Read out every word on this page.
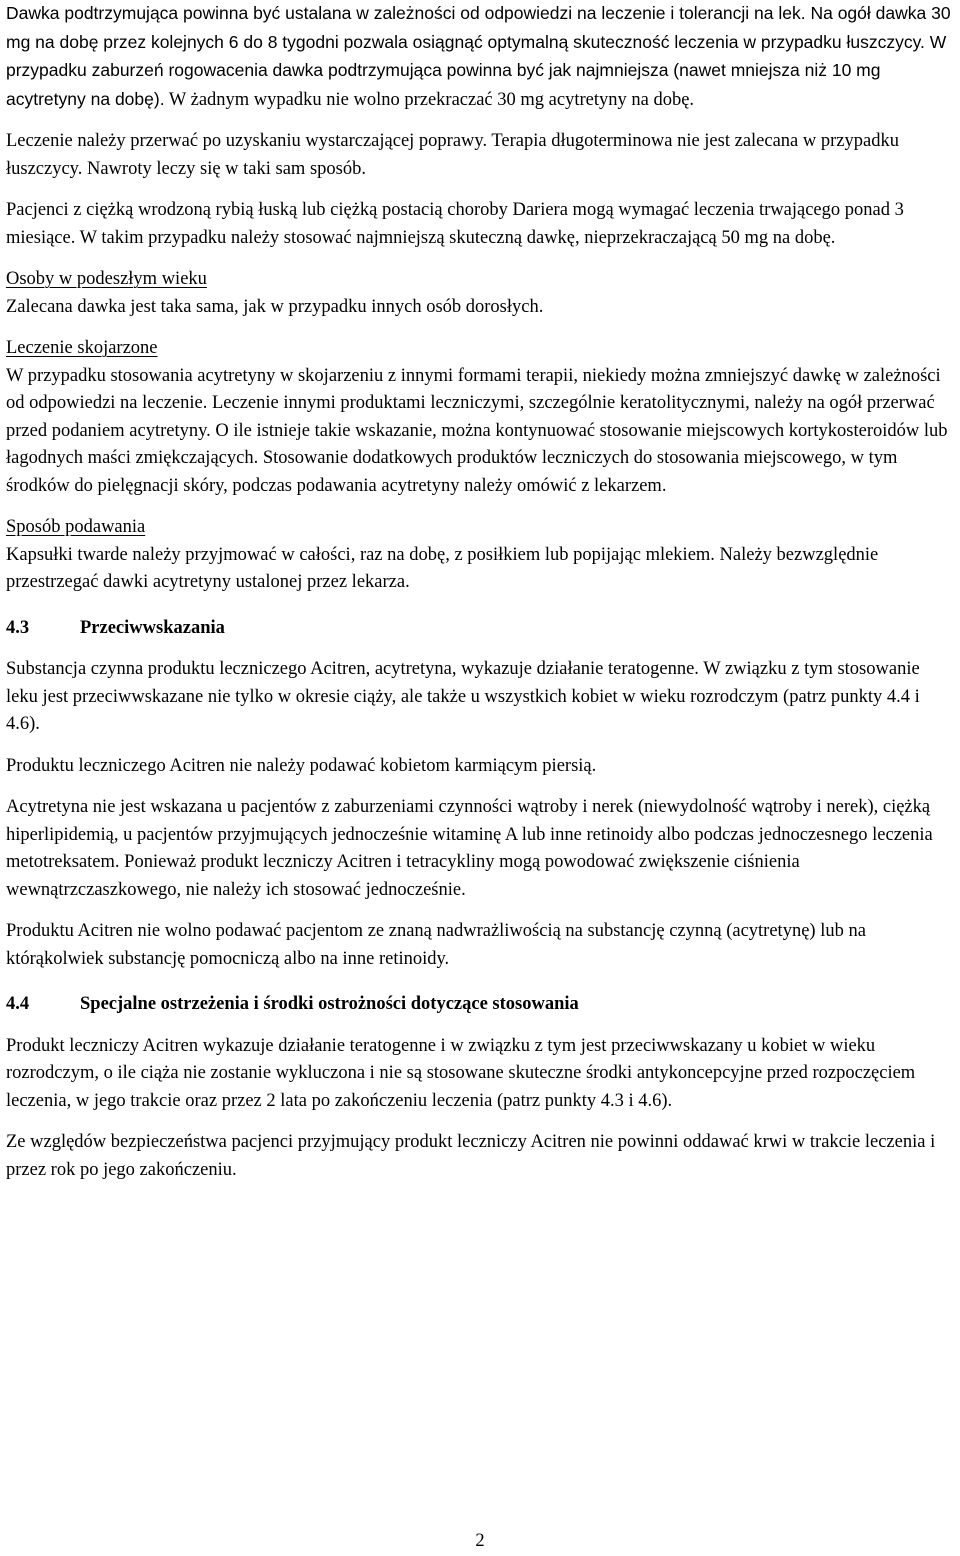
Dawka podtrzymująca powinna być ustalana w zależności od odpowiedzi na leczenie i tolerancji na lek. Na ogół dawka 30 mg na dobę przez kolejnych 6 do 8 tygodni pozwala osiągnąć optymalną skuteczność leczenia w przypadku łuszczycy. W przypadku zaburzeń rogowacenia dawka podtrzymująca powinna być jak najmniejsza (nawet mniejsza niż 10 mg acytretyny na dobę). W żadnym wypadku nie wolno przekraczać 30 mg acytretyny na dobę.

Leczenie należy przerwać po uzyskaniu wystarczającej poprawy. Terapia długoterminowa nie jest zalecana w przypadku łuszczycy. Nawroty leczy się w taki sam sposób.

Pacjenci z ciężką wrodzoną rybią łuską lub ciężką postacią choroby Dariera mogą wymagać leczenia trwającego ponad 3 miesiące. W takim przypadku należy stosować najmniejszą skuteczną dawkę, nieprzekraczającą 50 mg na dobę.

Osoby w podeszłym wieku

Zalecana dawka jest taka sama, jak w przypadku innych osób dorosłych.

Leczenie skojarzone

W przypadku stosowania acytretyny w skojarzeniu z innymi formami terapii, niekiedy można zmniejszyć dawkę w zależności od odpowiedzi na leczenie. Leczenie innymi produktami leczniczymi, szczególnie keratolitycznymi, należy na ogół przerwać przed podaniem acytretyny. O ile istnieje takie wskazanie, można kontynuować stosowanie miejscowych kortykosteroidów lub łagodnych maści zmiękczających. Stosowanie dodatkowych produktów leczniczych do stosowania miejscowego, w tym środków do pielęgnacji skóry, podczas podawania acytretyny należy omówić z lekarzem.

Sposób podawania

Kapsułki twarde należy przyjmować w całości, raz na dobę, z posiłkiem lub popijając mlekiem. Należy bezwzględnie przestrzegać dawki acytretyny ustalonej przez lekarza.

4.3	Przeciwwskazania

Substancja czynna produktu leczniczego Acitren, acytretyna, wykazuje działanie teratogenne. W związku z tym stosowanie leku jest przeciwwskazane nie tylko w okresie ciąży, ale także u wszystkich kobiet w wieku rozrodczym (patrz punkty 4.4 i 4.6).

Produktu leczniczego Acitren nie należy podawać kobietom karmiącym piersią.

Acytretyna nie jest wskazana u pacjentów z zaburzeniami czynności wątroby i nerek (niewydolność wątroby i nerek), ciężką hiperlipidemią, u pacjentów przyjmujących jednocześnie witaminę A lub inne retinoidy albo podczas jednoczesnego leczenia metotreksatem. Ponieważ produkt leczniczy Acitren i tetracykliny mogą powodować zwiększenie ciśnienia wewnątrzczaszkowego, nie należy ich stosować jednocześnie.

Produktu Acitren nie wolno podawać pacjentom ze znaną nadwrażliwością na substancję czynną (acytretynę) lub na którąkolwiek substancję pomocniczą albo na inne retinoidy.

4.4	Specjalne ostrzeżenia i środki ostrożności dotyczące stosowania

Produkt leczniczy Acitren wykazuje działanie teratogenne i w związku z tym jest przeciwwskazany u kobiet w wieku rozrodczym, o ile ciąża nie zostanie wykluczona i nie są stosowane skuteczne środki antykoncepcyjne przed rozpoczęciem leczenia, w jego trakcie oraz przez 2 lata po zakończeniu leczenia (patrz punkty 4.3 i 4.6).

Ze względów bezpieczeństwa pacjenci przyjmujący produkt leczniczy Acitren nie powinni oddawać krwi w trakcie leczenia i przez rok po jego zakończeniu.

2
